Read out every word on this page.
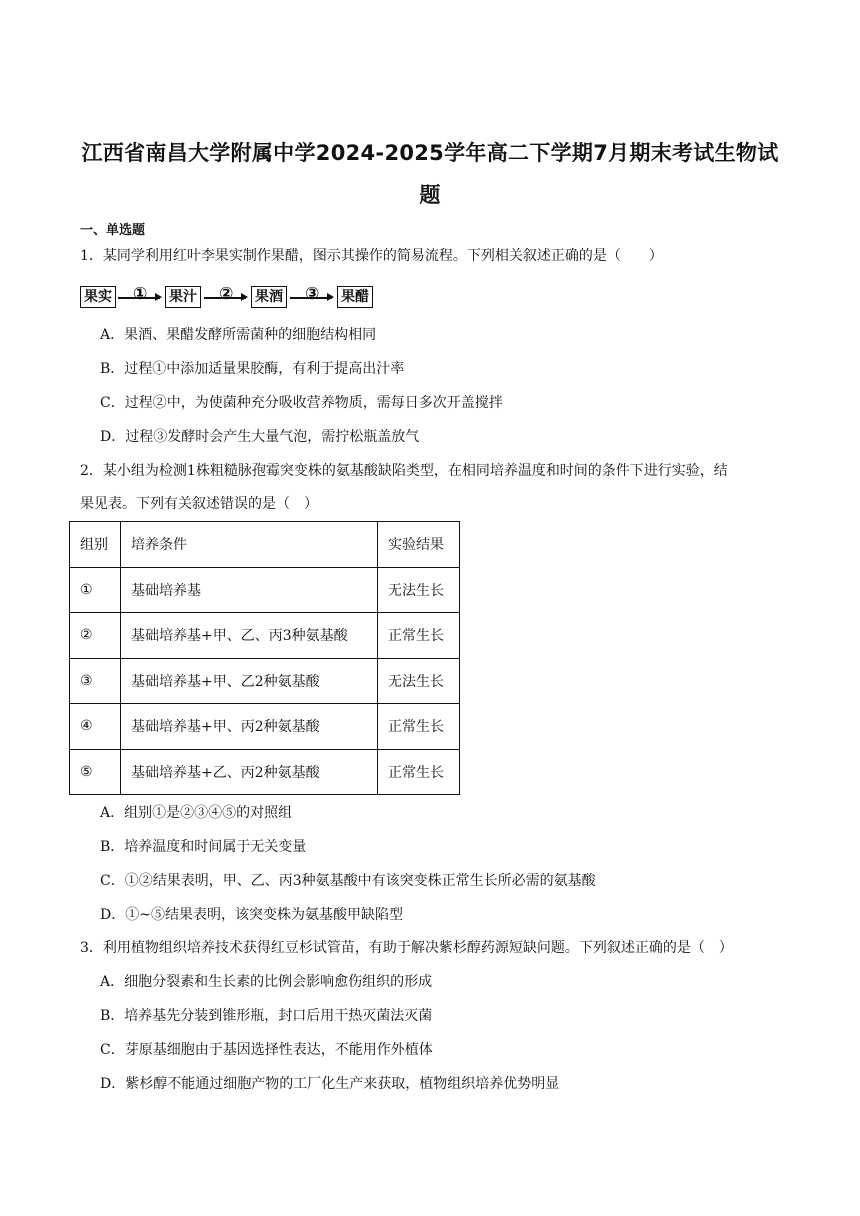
江西省南昌大学附属中学2024-2025学年高二下学期7月期末考试生物试
题
一、单选题
1．某同学利用红叶李果实制作果醋，图示其操作的简易流程。下列相关叙述正确的是（　　）
果实 ① 果汁 ② 果酒 ③ 果醋
A．果酒、果醋发酵所需菌种的细胞结构相同
B．过程①中添加适量果胶酶，有利于提高出汁率
C．过程②中，为使菌种充分吸收营养物质，需每日多次开盖搅拌
D．过程③发酵时会产生大量气泡，需拧松瓶盖放气
2．某小组为检测1株粗糙脉孢霉突变株的氨基酸缺陷类型，在相同培养温度和时间的条件下进行实验，结
果见表。下列有关叙述错误的是（　）
组别	培养条件	实验结果
①	基础培养基	无法生长
②	基础培养基+甲、乙、丙3种氨基酸	正常生长
③	基础培养基+甲、乙2种氨基酸	无法生长
④	基础培养基+甲、丙2种氨基酸	正常生长
⑤	基础培养基+乙、丙2种氨基酸	正常生长
A．组别①是②③④⑤的对照组
B．培养温度和时间属于无关变量
C．①②结果表明，甲、乙、丙3种氨基酸中有该突变株正常生长所必需的氨基酸
D．①~⑤结果表明，该突变株为氨基酸甲缺陷型
3．利用植物组织培养技术获得红豆杉试管苗，有助于解决紫杉醇药源短缺问题。下列叙述正确的是（　）
A．细胞分裂素和生长素的比例会影响愈伤组织的形成
B．培养基先分装到锥形瓶，封口后用干热灭菌法灭菌
C．芽原基细胞由于基因选择性表达，不能用作外植体
D．紫杉醇不能通过细胞产物的工厂化生产来获取，植物组织培养优势明显
